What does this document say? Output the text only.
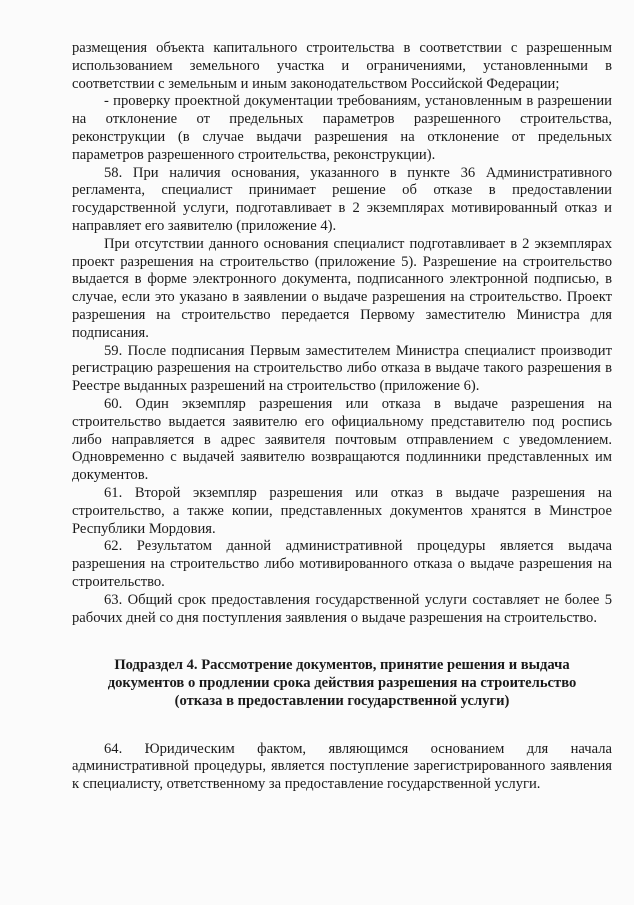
размещения объекта капитального строительства в соответствии с разрешенным использованием земельного участка и ограничениями, установленными в соответствии с земельным и иным законодательством Российской Федерации;

- проверку проектной документации требованиям, установленным в разрешении на отклонение от предельных параметров разрешенного строительства, реконструкции (в случае выдачи разрешения на отклонение от предельных параметров разрешенного строительства, реконструкции).

58. При наличия основания, указанного в пункте 36 Административного регламента, специалист принимает решение об отказе в предоставлении государственной услуги, подготавливает в 2 экземплярах мотивированный отказ и направляет его заявителю (приложение 4).

При отсутствии данного основания специалист подготавливает в 2 экземплярах проект разрешения на строительство (приложение 5). Разрешение на строительство выдается в форме электронного документа, подписанного электронной подписью, в случае, если это указано в заявлении о выдаче разрешения на строительство. Проект разрешения на строительство передается Первому заместителю Министра для подписания.

59. После подписания Первым заместителем Министра специалист производит регистрацию разрешения на строительство либо отказа в выдаче такого разрешения в Реестре выданных разрешений на строительство (приложение 6).

60. Один экземпляр разрешения или отказа в выдаче разрешения на строительство выдается заявителю его официальному представителю под роспись либо направляется в адрес заявителя почтовым отправлением с уведомлением. Одновременно с выдачей заявителю возвращаются подлинники представленных им документов.

61. Второй экземпляр разрешения или отказ в выдаче разрешения на строительство, а также копии, представленных документов хранятся в Минстрое Республики Мордовия.

62. Результатом данной административной процедуры является выдача разрешения на строительство либо мотивированного отказа о выдаче разрешения на строительство.

63. Общий срок предоставления государственной услуги составляет не более 5 рабочих дней со дня поступления заявления о выдаче разрешения на строительство.

Подраздел 4. Рассмотрение документов, принятие решения и выдача
документов о продлении срока действия разрешения на строительство
(отказа в предоставлении государственной услуги)

64. Юридическим фактом, являющимся основанием для начала административной процедуры, является поступление зарегистрированного заявления к специалисту, ответственному за предоставление государственной услуги.
